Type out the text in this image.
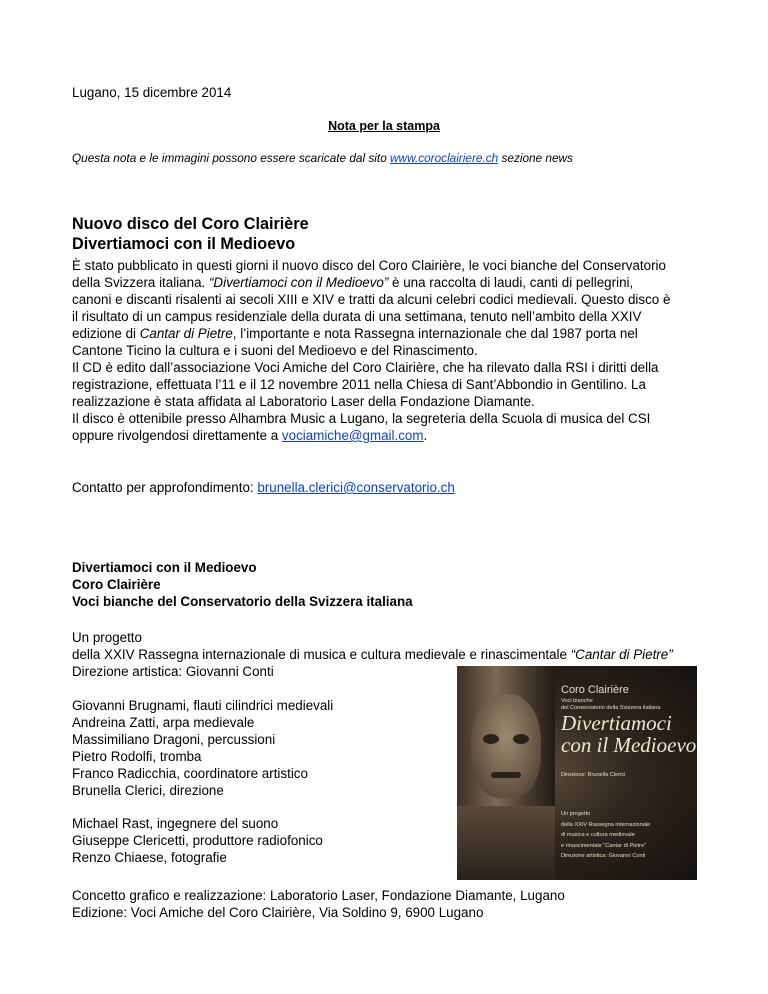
Lugano, 15 dicembre 2014
Nota per la stampa
Questa nota e le immagini possono essere scaricate dal sito www.coroclairiere.ch sezione news
Nuovo disco del Coro Clairière
Divertiamoci con il Medioevo
È stato pubblicato in questi giorni il nuovo disco del Coro Clairière, le voci bianche del Conservatorio
della Svizzera italiana. “Divertiamoci con il Medioevo” è una raccolta di laudi, canti di pellegrini,
canoni e discanti risalenti ai secoli XIII e XIV e tratti da alcuni celebri codici medievali. Questo disco è
il risultato di un campus residenziale della durata di una settimana, tenuto nell’ambito della XXIV
edizione di Cantar di Pietre, l’importante e nota Rassegna internazionale che dal 1987 porta nel
Cantone Ticino la cultura e i suoni del Medioevo e del Rinascimento.
Il CD è edito dall’associazione Voci Amiche del Coro Clairière, che ha rilevato dalla RSI i diritti della
registrazione, effettuata l’11 e il 12 novembre 2011 nella Chiesa di Sant’Abbondio in Gentilino. La
realizzazione è stata affidata al Laboratorio Laser della Fondazione Diamante.
Il disco è ottenibile presso Alhambra Music a Lugano, la segreteria della Scuola di musica del CSI
oppure rivolgendosi direttamente a vociamiche@gmail.com.
Contatto per approfondimento: brunella.clerici@conservatorio.ch
Divertiamoci con il Medioevo
Coro Clairière
Voci bianche del Conservatorio della Svizzera italiana
Un progetto
della XXIV Rassegna internazionale di musica e cultura medievale e rinascimentale “Cantar di Pietre”
Direzione artistica: Giovanni Conti
Giovanni Brugnami, flauti cilindrici medievali
Andreina Zatti, arpa medievale
Massimiliano Dragoni, percussioni
Pietro Rodolfi, tromba
Franco Radicchia, coordinatore artistico
Brunella Clerici, direzione
Michael Rast, ingegnere del suono
Giuseppe Clericetti, produttore radiofonico
Renzo Chiaese, fotografie
Concetto grafico e realizzazione: Laboratorio Laser, Fondazione Diamante, Lugano
Edizione: Voci Amiche del Coro Clairière, Via Soldino 9, 6900 Lugano
Coro Clairière
Voci bianche
del Conservatorio della Svizzera italiana
Divertiamoci
con il Medioevo
Direzione: Brunella Clerici
Un progetto
della XXIV Rassegna internazionale
di musica e cultura medievale
e rinascimentale "Cantar di Pietre"
Direzione artistica: Giovanni Conti
